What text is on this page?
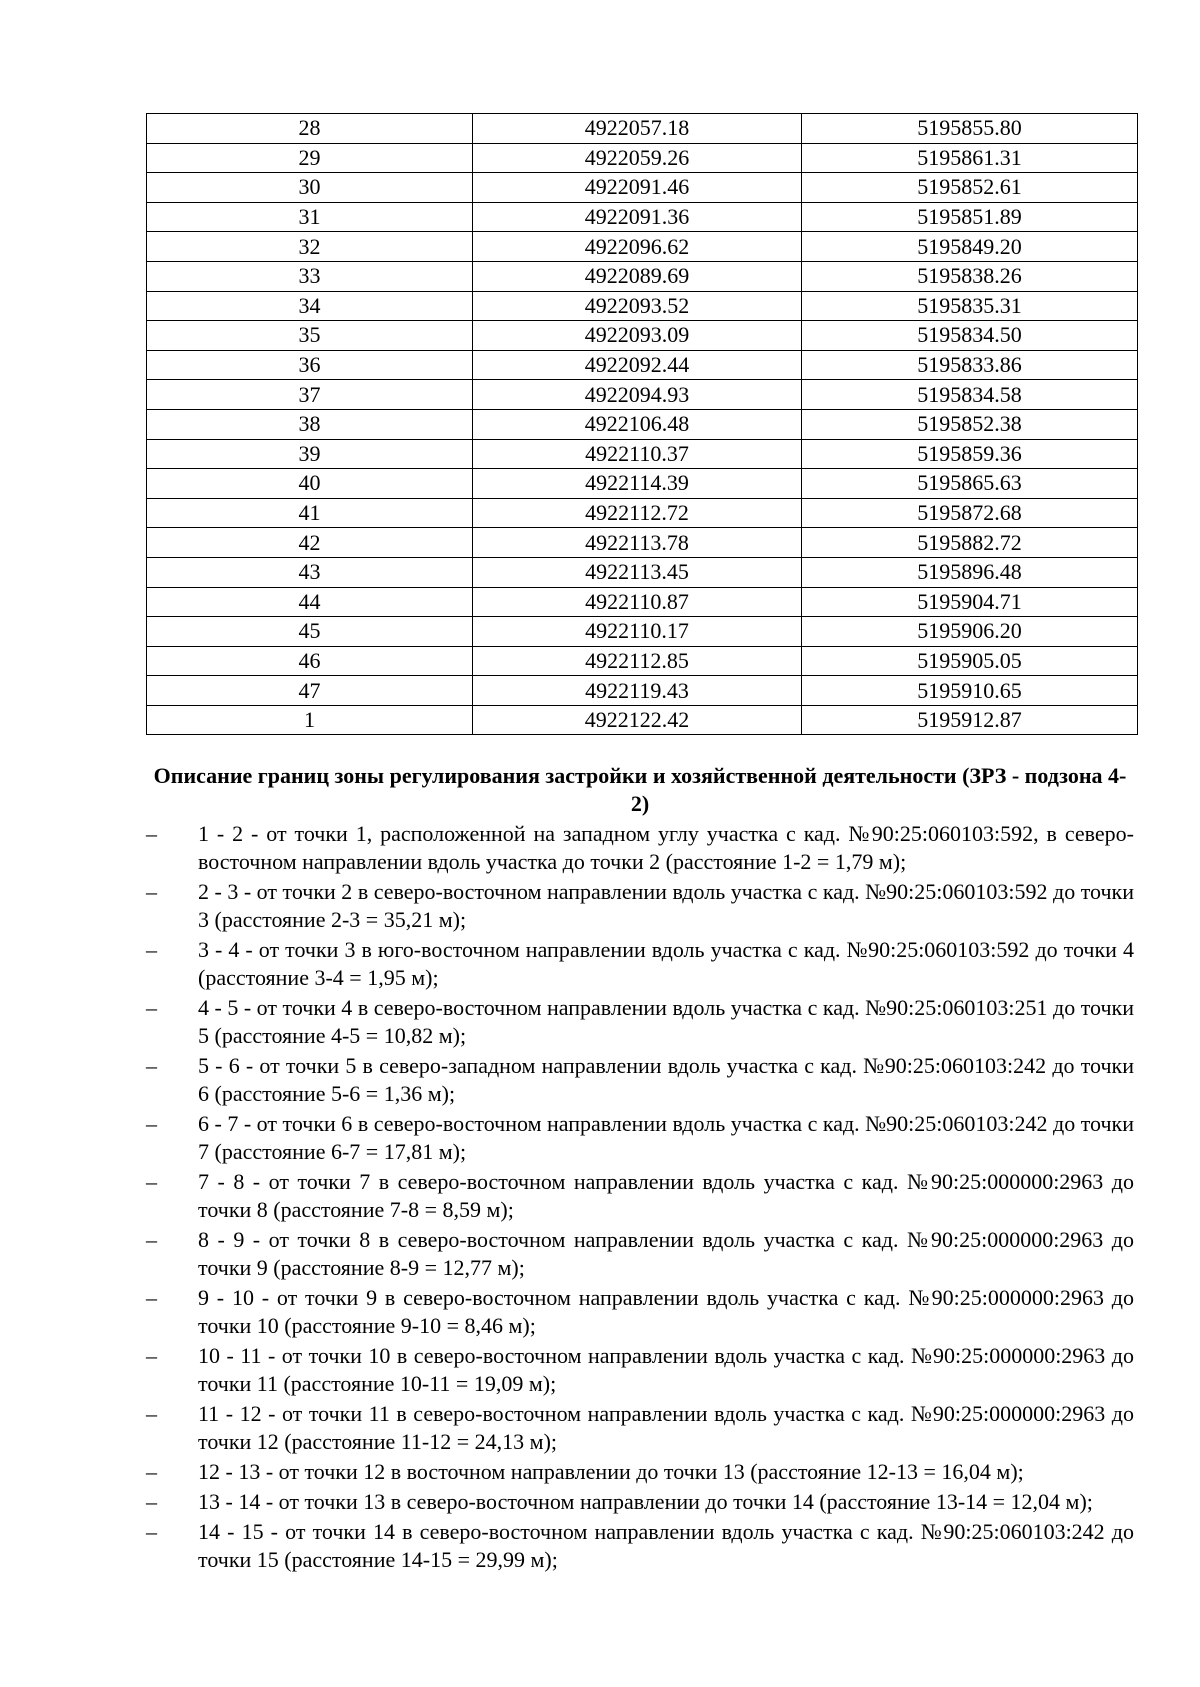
28	4922057.18	5195855.80
29	4922059.26	5195861.31
30	4922091.46	5195852.61
31	4922091.36	5195851.89
32	4922096.62	5195849.20
33	4922089.69	5195838.26
34	4922093.52	5195835.31
35	4922093.09	5195834.50
36	4922092.44	5195833.86
37	4922094.93	5195834.58
38	4922106.48	5195852.38
39	4922110.37	5195859.36
40	4922114.39	5195865.63
41	4922112.72	5195872.68
42	4922113.78	5195882.72
43	4922113.45	5195896.48
44	4922110.87	5195904.71
45	4922110.17	5195906.20
46	4922112.85	5195905.05
47	4922119.43	5195910.65
1	4922122.42	5195912.87
Описание границ зоны регулирования застройки и хозяйственной деятельности (ЗРЗ - подзона 4-2)
– 1 - 2 - от точки 1, расположенной на западном углу участка с кад. №90:25:060103:592, в северо-восточном направлении вдоль участка до точки 2 (расстояние 1-2 = 1,79 м);
– 2 - 3 - от точки 2 в северо-восточном направлении вдоль участка с кад. №90:25:060103:592 до точки 3 (расстояние 2-3 = 35,21 м);
– 3 - 4 - от точки 3 в юго-восточном направлении вдоль участка с кад. №90:25:060103:592 до точки 4 (расстояние 3-4 = 1,95 м);
– 4 - 5 - от точки 4 в северо-восточном направлении вдоль участка с кад. №90:25:060103:251 до точки 5 (расстояние 4-5 = 10,82 м);
– 5 - 6 - от точки 5 в северо-западном направлении вдоль участка с кад. №90:25:060103:242 до точки 6 (расстояние 5-6 = 1,36 м);
– 6 - 7 - от точки 6 в северо-восточном направлении вдоль участка с кад. №90:25:060103:242 до точки 7 (расстояние 6-7 = 17,81 м);
– 7 - 8 - от точки 7 в северо-восточном направлении вдоль участка с кад. №90:25:000000:2963 до точки 8 (расстояние 7-8 = 8,59 м);
– 8 - 9 - от точки 8 в северо-восточном направлении вдоль участка с кад. №90:25:000000:2963 до точки 9 (расстояние 8-9 = 12,77 м);
– 9 - 10 - от точки 9 в северо-восточном направлении вдоль участка с кад. №90:25:000000:2963 до точки 10 (расстояние 9-10 = 8,46 м);
– 10 - 11 - от точки 10 в северо-восточном направлении вдоль участка с кад. №90:25:000000:2963 до точки 11 (расстояние 10-11 = 19,09 м);
– 11 - 12 - от точки 11 в северо-восточном направлении вдоль участка с кад. №90:25:000000:2963 до точки 12 (расстояние 11-12 = 24,13 м);
– 12 - 13 - от точки 12 в восточном направлении до точки 13 (расстояние 12-13 = 16,04 м);
– 13 - 14 - от точки 13 в северо-восточном направлении до точки 14 (расстояние 13-14 = 12,04 м);
– 14 - 15 - от точки 14 в северо-восточном направлении вдоль участка с кад. №90:25:060103:242 до точки 15 (расстояние 14-15 = 29,99 м);
